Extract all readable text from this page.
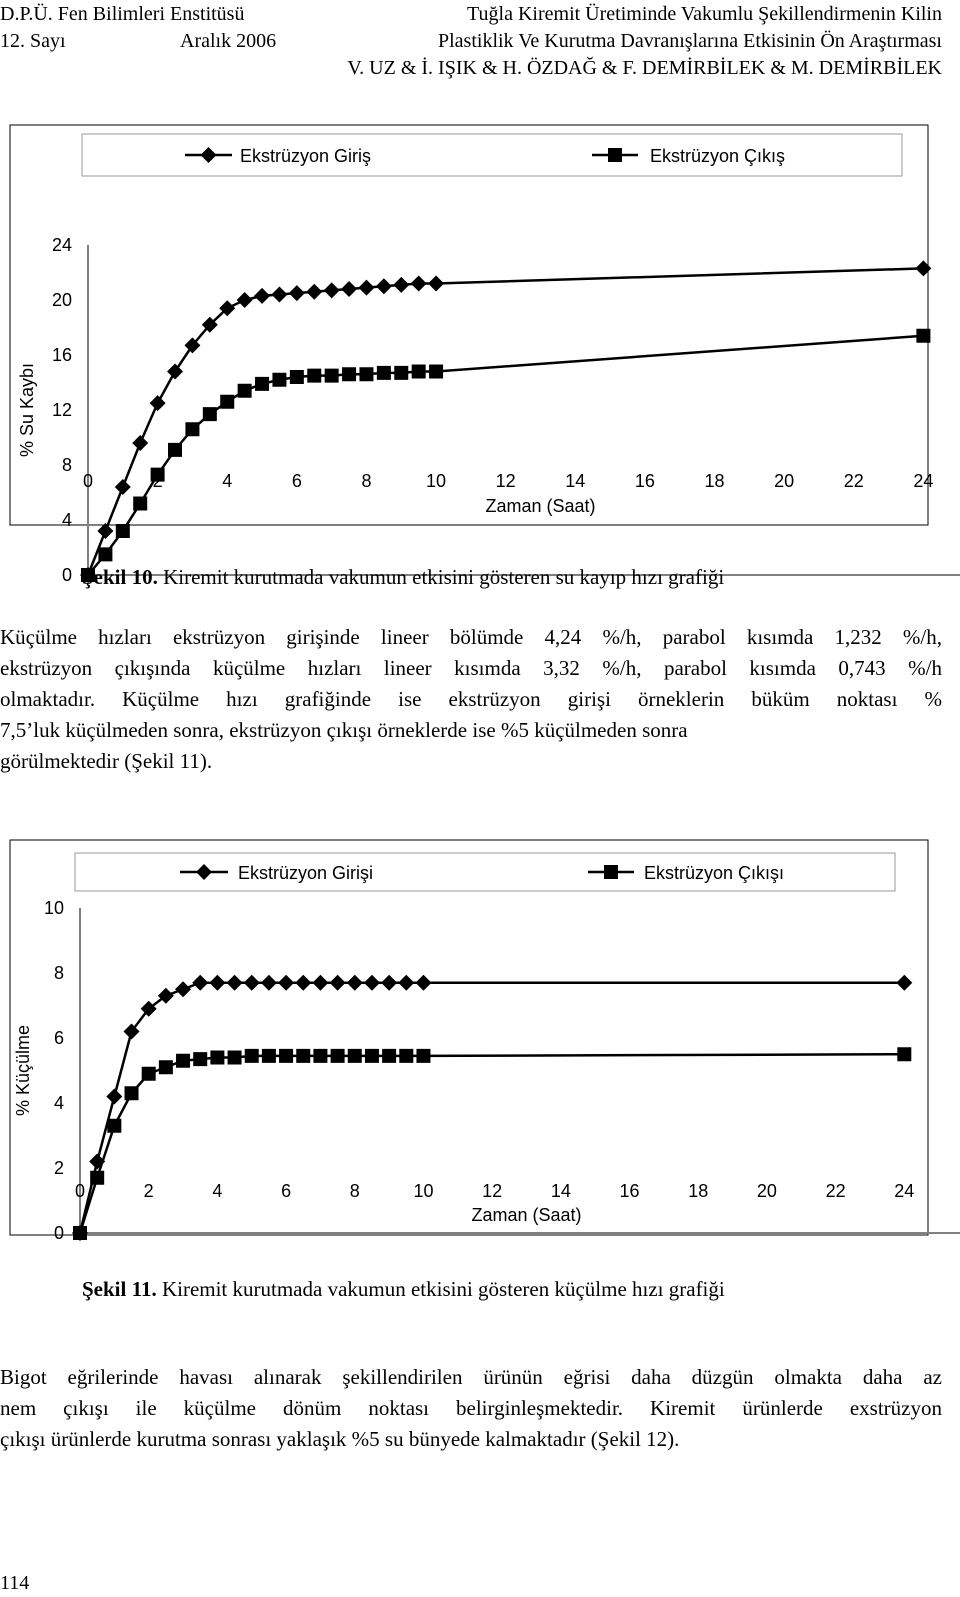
D.P.Ü. Fen Bilimleri Enstitüsü
12. Sayı	Aralık 2006
Tuğla Kiremit Üretiminde Vakumlu Şekillendirmenin Kilin
Plastiklik Ve Kurutma Davranışlarına Etkisinin Ön Araştırması
V. UZ & İ. IŞIK & H. ÖZDAĞ & F. DEMİRBİLEK & M. DEMİRBİLEK
0	4	6	8	10	12	14	16	18	20	22	24
0
4
8
12
16
20
24
Zaman (Saat)
% Su Kaybı
Ekstrüzyon Giriş	Ekstrüzyon Çıkış
Şekil 10. Kiremit kurutmada vakumun etkisini gösteren su kayıp hızı grafiği
Küçülme hızları ekstrüzyon girişinde lineer bölümde 4,24 %/h, parabol kısımda 1,232 %/h,
ekstrüzyon çıkışında küçülme hızları lineer kısımda 3,32 %/h, parabol kısımda 0,743 %/h
olmaktadır. Küçülme hızı grafiğinde ise ekstrüzyon girişi örneklerin büküm noktası %
7,5’luk küçülmeden sonra, ekstrüzyon çıkışı örneklerde ise %5 küçülmeden sonra
görülmektedir (Şekil 11).
0	2	4	6	8	10	12	14	16	18	20	22	24
0
2
4
6
8
10
Zaman (Saat)
% Küçülme
Ekstrüzyon Girişi	Ekstrüzyon Çıkışı
Şekil 11. Kiremit kurutmada vakumun etkisini gösteren küçülme hızı grafiği
Bigot eğrilerinde havası alınarak şekillendirilen ürünün eğrisi daha düzgün olmakta daha az
nem çıkışı ile küçülme dönüm noktası belirginleşmektedir. Kiremit ürünlerde exstrüzyon
çıkışı ürünlerde kurutma sonrası yaklaşık %5 su bünyede kalmaktadır (Şekil 12).
114
